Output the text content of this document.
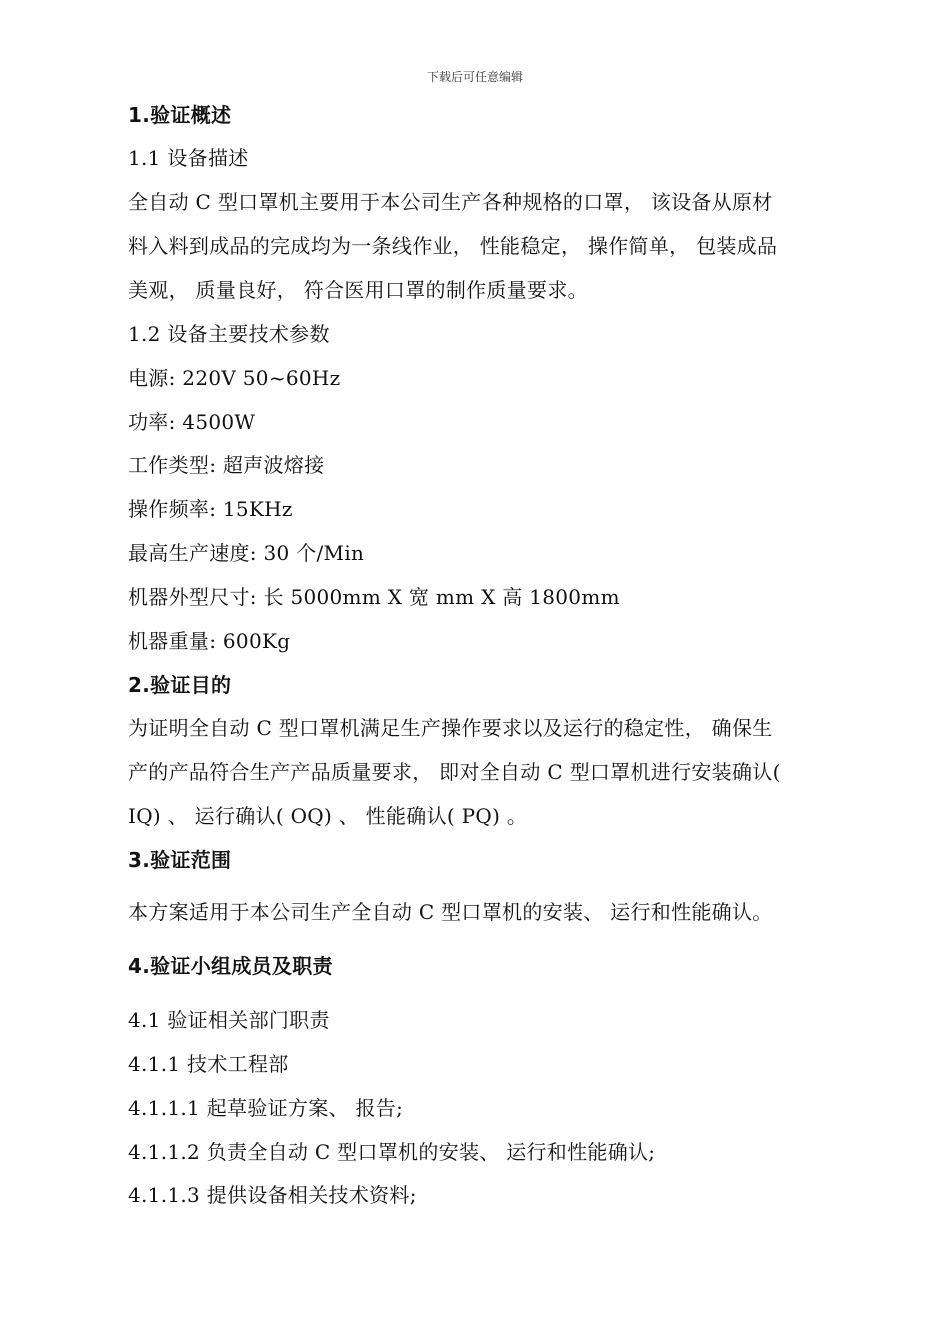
下载后可任意编辑
1.验证概述
1.1 设备描述
全自动 C 型口罩机主要用于本公司生产各种规格的口罩， 该设备从原材
料入料到成品的完成均为一条线作业， 性能稳定， 操作简单， 包装成品
美观， 质量良好， 符合医用口罩的制作质量要求。
1.2 设备主要技术参数
电源: 220V 50~60Hz
功率: 4500W
工作类型: 超声波熔接
操作频率: 15KHz
最高生产速度: 30 个/Min
机器外型尺寸: 长 5000mm X 宽 mm X 高 1800mm
机器重量: 600Kg
2.验证目的
为证明全自动 C 型口罩机满足生产操作要求以及运行的稳定性， 确保生
产的产品符合生产产品质量要求， 即对全自动 C 型口罩机进行安装确认(
IQ) 、 运行确认( OQ) 、 性能确认( PQ) 。
3.验证范围
本方案适用于本公司生产全自动 C 型口罩机的安装、 运行和性能确认。
4.验证小组成员及职责
4.1 验证相关部门职责
4.1.1 技术工程部
4.1.1.1 起草验证方案、 报告;
4.1.1.2 负责全自动 C 型口罩机的安装、 运行和性能确认;
4.1.1.3 提供设备相关技术资料;
